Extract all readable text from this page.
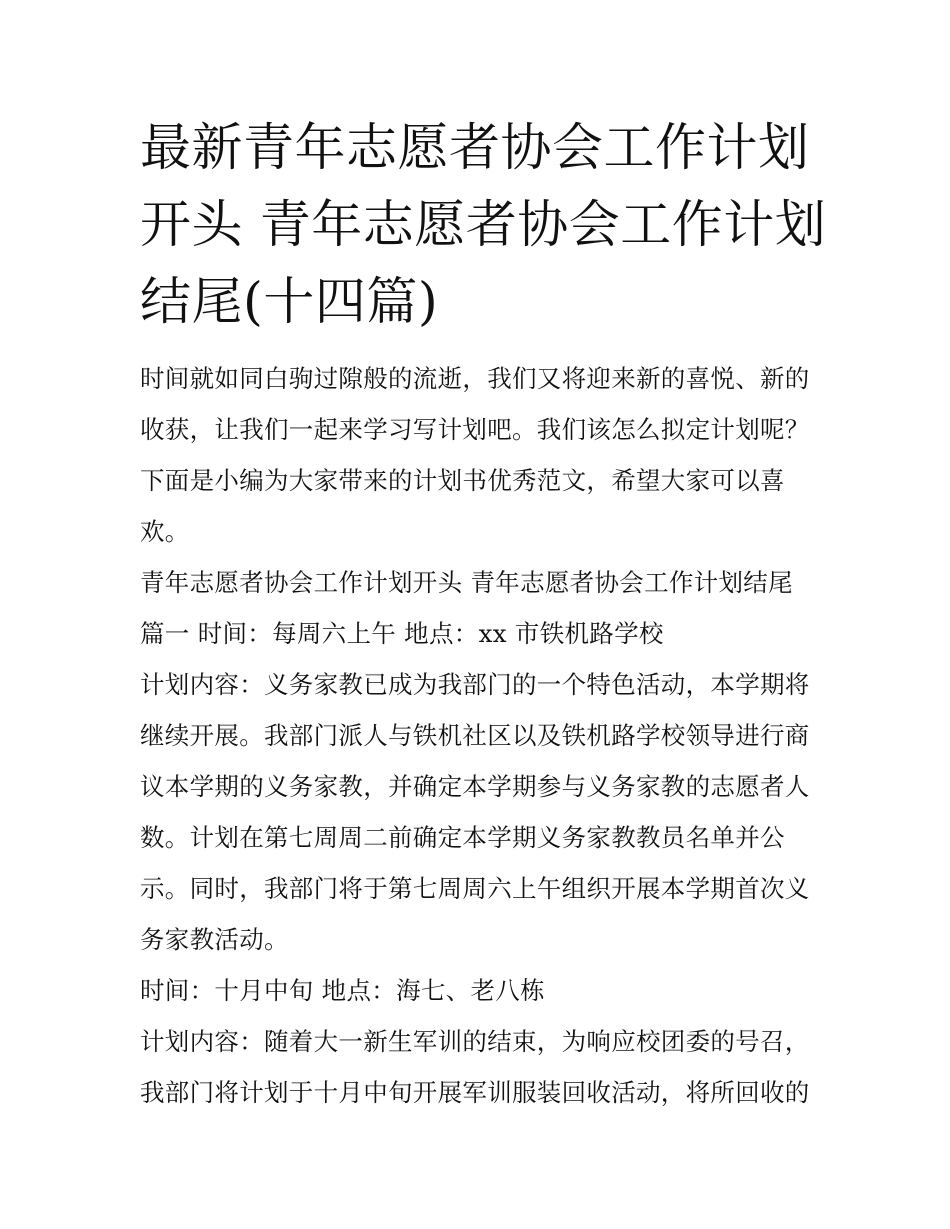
最新青年志愿者协会工作计划
开头 青年志愿者协会工作计划
结尾(十四篇)

时间就如同白驹过隙般的流逝，我们又将迎来新的喜悦、新的
收获，让我们一起来学习写计划吧。我们该怎么拟定计划呢？
下面是小编为大家带来的计划书优秀范文，希望大家可以喜
欢。

青年志愿者协会工作计划开头 青年志愿者协会工作计划结尾

篇一 时间：每周六上午 地点：xx 市铁机路学校

计划内容：义务家教已成为我部门的一个特色活动，本学期将
继续开展。我部门派人与铁机社区以及铁机路学校领导进行商
议本学期的义务家教，并确定本学期参与义务家教的志愿者人
数。计划在第七周周二前确定本学期义务家教教员名单并公
示。同时，我部门将于第七周周六上午组织开展本学期首次义
务家教活动。

时间：十月中旬 地点：海七、老八栋

计划内容：随着大一新生军训的结束，为响应校团委的号召，
我部门将计划于十月中旬开展军训服装回收活动，将所回收的
